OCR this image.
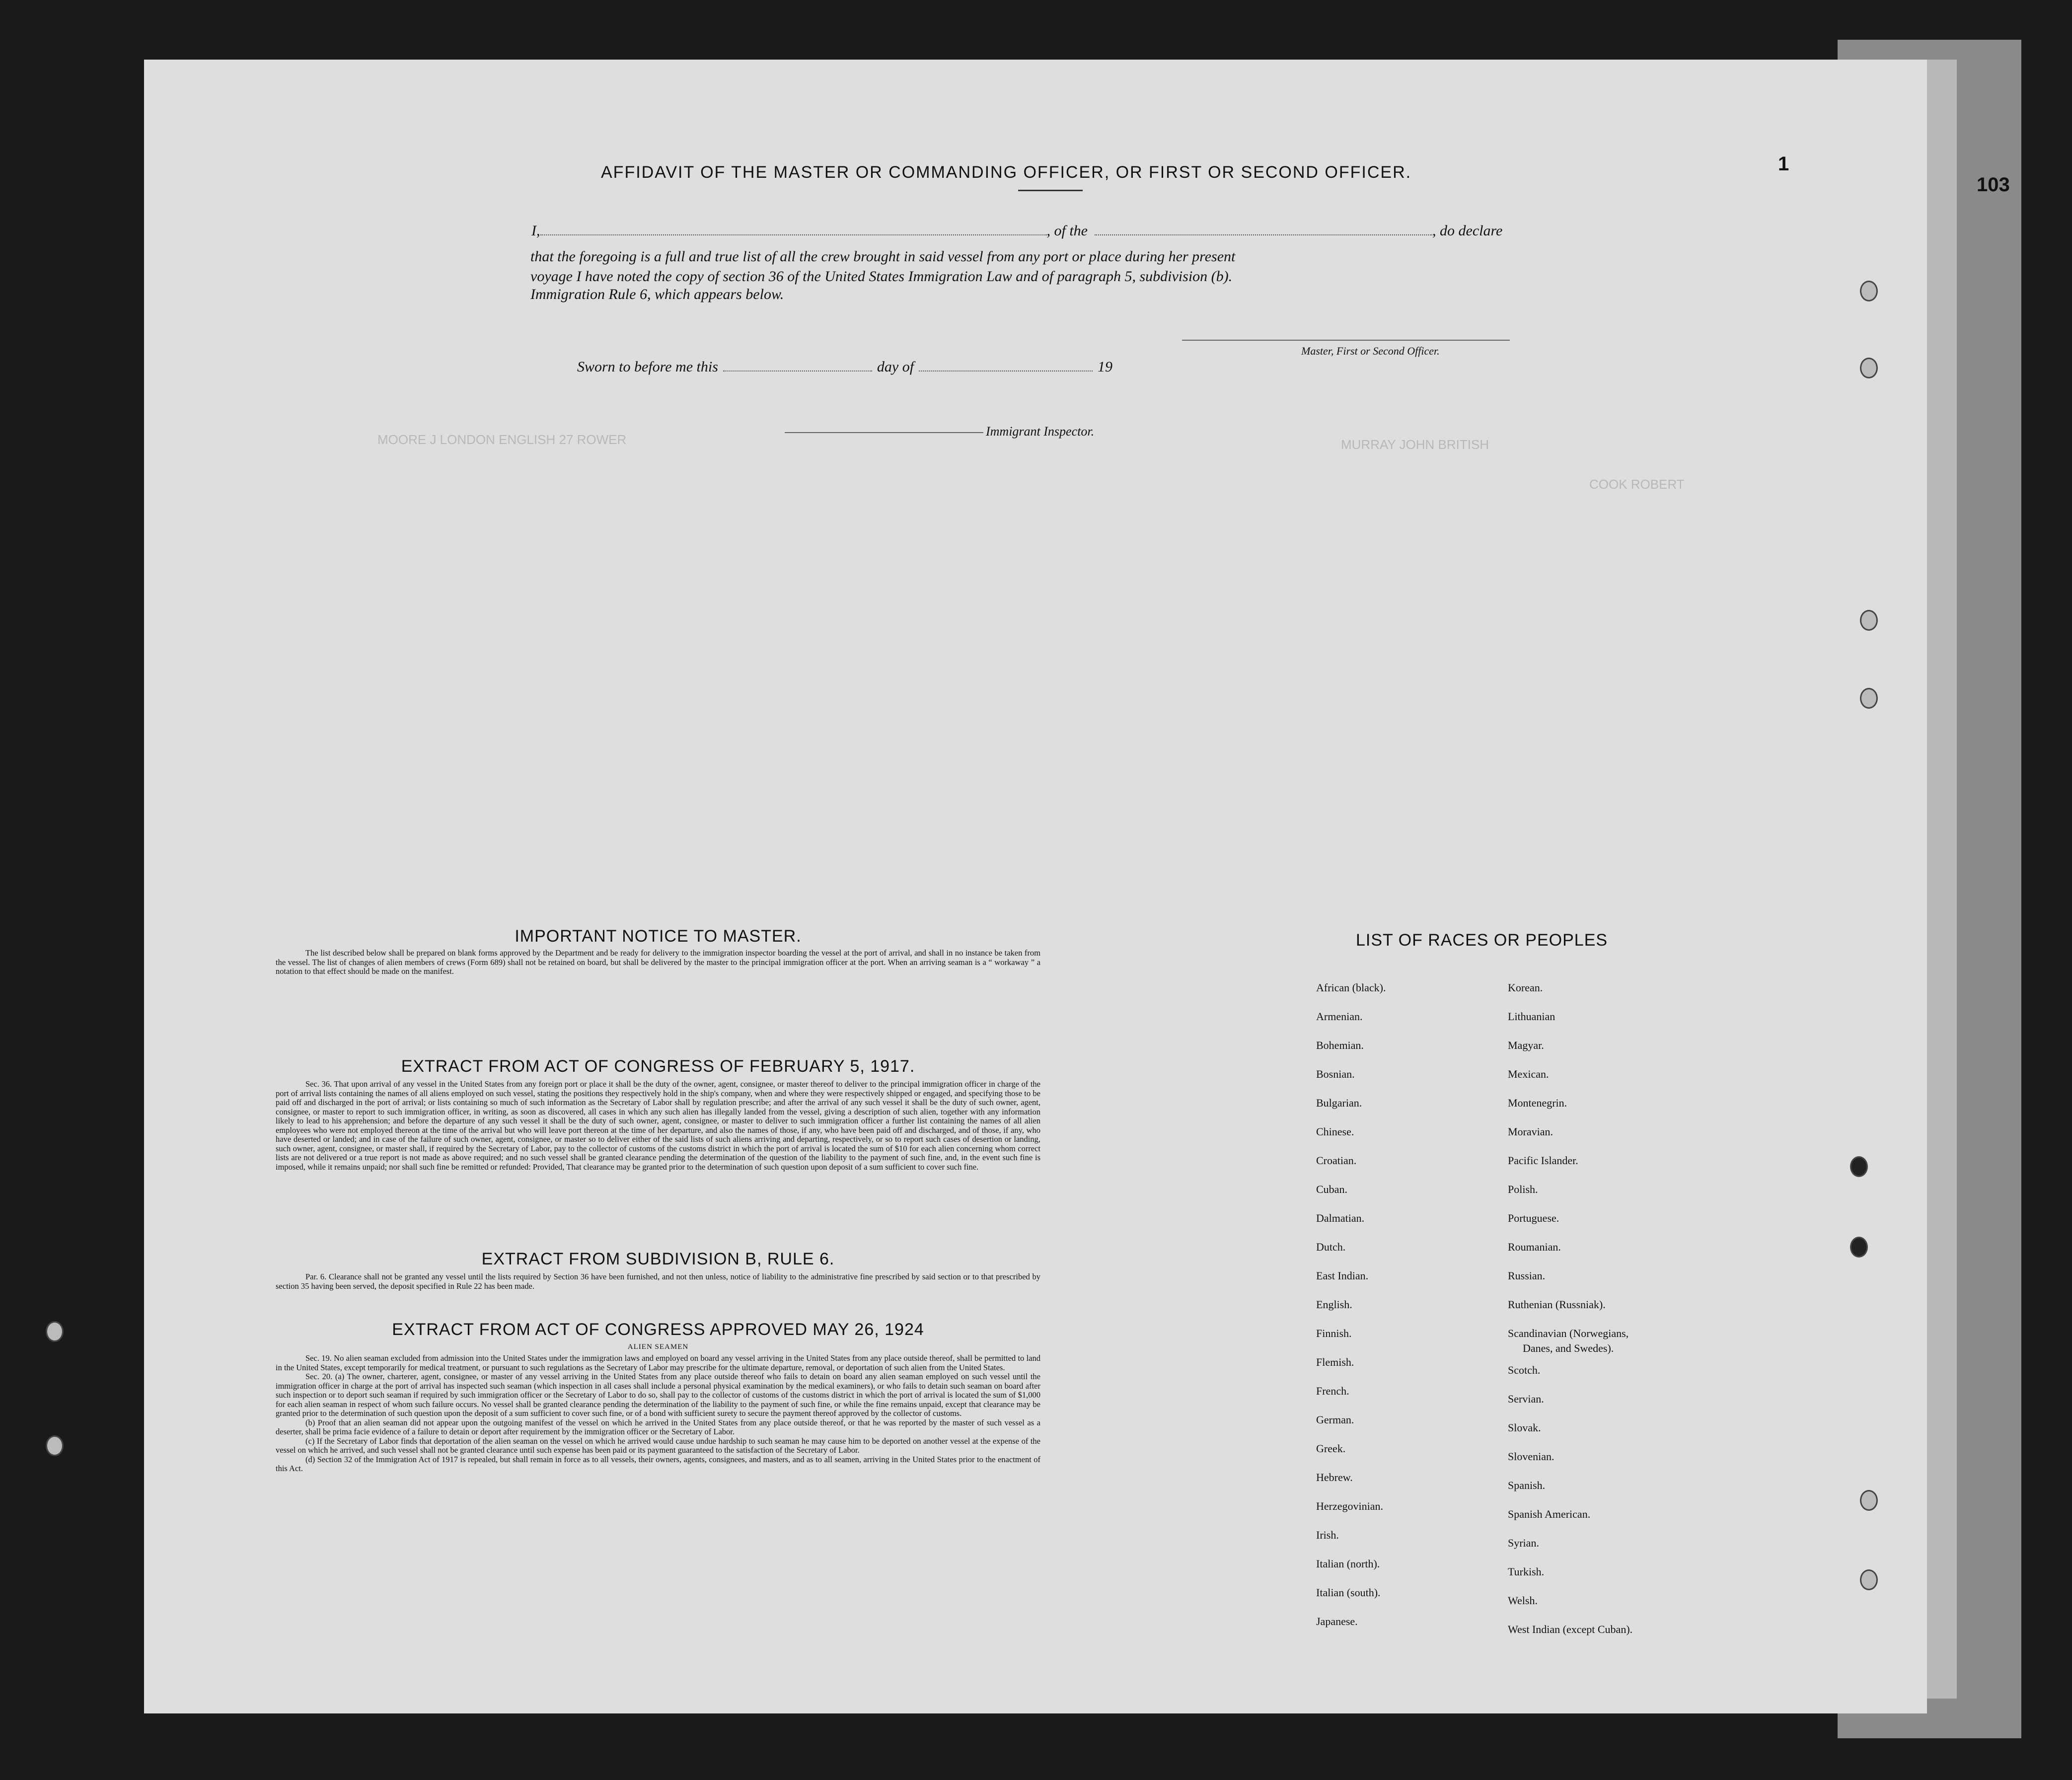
MOORE J LONDON ENGLISH 27 ROWER	MURRAY JOHN BRITISH
COOK ROBERT
1
103
AFFIDAVIT OF THE MASTER OR COMMANDING OFFICER, OR FIRST OR SECOND OFFICER.
I,	, of the	, do declare
that the foregoing is a full and true list of all the crew brought in said vessel from any port or place during her present
voyage I have noted the copy of section 36 of the United States Immigration Law and of paragraph 5, subdivision (b).
Immigration Rule 6, which appears below.
Master, First or Second Officer.
Sworn to before me this	day of	19
Immigrant Inspector.
IMPORTANT NOTICE TO MASTER.
The list described below shall be prepared on blank forms approved by the Department and be ready for delivery to the immigration inspector boarding the vessel at the port of arrival, and shall in no instance be taken from the vessel. The list of changes of alien members of crews (Form 689) shall not be retained on board, but shall be delivered by the master to the principal immigration officer at the port. When an arriving seaman is a “ workaway ” a notation to that effect should be made on the manifest.
EXTRACT FROM ACT OF CONGRESS OF FEBRUARY 5, 1917.
Sec. 36. That upon arrival of any vessel in the United States from any foreign port or place it shall be the duty of the owner, agent, consignee, or master thereof to deliver to the principal immigration officer in charge of the port of arrival lists containing the names of all aliens employed on such vessel, stating the positions they respectively hold in the ship's company, when and where they were respectively shipped or engaged, and specifying those to be paid off and discharged in the port of arrival; or lists containing so much of such information as the Secretary of Labor shall by regulation prescribe; and after the arrival of any such vessel it shall be the duty of such owner, agent, consignee, or master to report to such immigration officer, in writing, as soon as discovered, all cases in which any such alien has illegally landed from the vessel, giving a description of such alien, together with any information likely to lead to his apprehension; and before the departure of any such vessel it shall be the duty of such owner, agent, consignee, or master to deliver to such immigration officer a further list containing the names of all alien employees who were not employed thereon at the time of the arrival but who will leave port thereon at the time of her departure, and also the names of those, if any, who have been paid off and discharged, and of those, if any, who have deserted or landed; and in case of the failure of such owner, agent, consignee, or master so to deliver either of the said lists of such aliens arriving and departing, respectively, or so to report such cases of desertion or landing, such owner, agent, consignee, or master shall, if required by the Secretary of Labor, pay to the collector of customs of the customs district in which the port of arrival is located the sum of $10 for each alien concerning whom correct lists are not delivered or a true report is not made as above required; and no such vessel shall be granted clearance pending the determination of the question of the liability to the payment of such fine, and, in the event such fine is imposed, while it remains unpaid; nor shall such fine be remitted or refunded: Provided, That clearance may be granted prior to the determination of such question upon deposit of a sum sufficient to cover such fine.
EXTRACT FROM SUBDIVISION B, RULE 6.
Par. 6. Clearance shall not be granted any vessel until the lists required by Section 36 have been furnished, and not then unless, notice of liability to the administrative fine prescribed by said section or to that prescribed by section 35 having been served, the deposit specified in Rule 22 has been made.
EXTRACT FROM ACT OF CONGRESS APPROVED MAY 26, 1924
ALIEN SEAMEN
Sec. 19. No alien seaman excluded from admission into the United States under the immigration laws and employed on board any vessel arriving in the United States from any place outside thereof, shall be permitted to land in the United States, except temporarily for medical treatment, or pursuant to such regulations as the Secretary of Labor may prescribe for the ultimate departure, removal, or deportation of such alien from the United States.
Sec. 20. (a) The owner, charterer, agent, consignee, or master of any vessel arriving in the United States from any place outside thereof who fails to detain on board any alien seaman employed on such vessel until the immigration officer in charge at the port of arrival has inspected such seaman (which inspection in all cases shall include a personal physical examination by the medical examiners), or who fails to detain such seaman on board after such inspection or to deport such seaman if required by such immigration officer or the Secretary of Labor to do so, shall pay to the collector of customs of the customs district in which the port of arrival is located the sum of $1,000 for each alien seaman in respect of whom such failure occurs. No vessel shall be granted clearance pending the determination of the liability to the payment of such fine, or while the fine remains unpaid, except that clearance may be granted prior to the determination of such question upon the deposit of a sum sufficient to cover such fine, or of a bond with sufficient surety to secure the payment thereof approved by the collector of customs.
(b) Proof that an alien seaman did not appear upon the outgoing manifest of the vessel on which he arrived in the United States from any place outside thereof, or that he was reported by the master of such vessel as a deserter, shall be prima facie evidence of a failure to detain or deport after requirement by the immigration officer or the Secretary of Labor.
(c) If the Secretary of Labor finds that deportation of the alien seaman on the vessel on which he arrived would cause undue hardship to such seaman he may cause him to be deported on another vessel at the expense of the vessel on which he arrived, and such vessel shall not be granted clearance until such expense has been paid or its payment guaranteed to the satisfaction of the Secretary of Labor.
(d) Section 32 of the Immigration Act of 1917 is repealed, but shall remain in force as to all vessels, their owners, agents, consignees, and masters, and as to all seamen, arriving in the United States prior to the enactment of this Act.
LIST OF RACES OR PEOPLES
African (black).
Armenian.
Bohemian.
Bosnian.
Bulgarian.
Chinese.
Croatian.
Cuban.
Dalmatian.
Dutch.
East Indian.
English.
Finnish.
Flemish.
French.
German.
Greek.
Hebrew.
Herzegovinian.
Irish.
Italian (north).
Italian (south).
Japanese.
Korean.
Lithuanian
Magyar.
Mexican.
Montenegrin.
Moravian.
Pacific Islander.
Polish.
Portuguese.
Roumanian.
Russian.
Ruthenian (Russniak).
Scandinavian (Norwegians,
Danes, and Swedes).
Scotch.
Servian.
Slovak.
Slovenian.
Spanish.
Spanish American.
Syrian.
Turkish.
Welsh.
West Indian (except Cuban).
